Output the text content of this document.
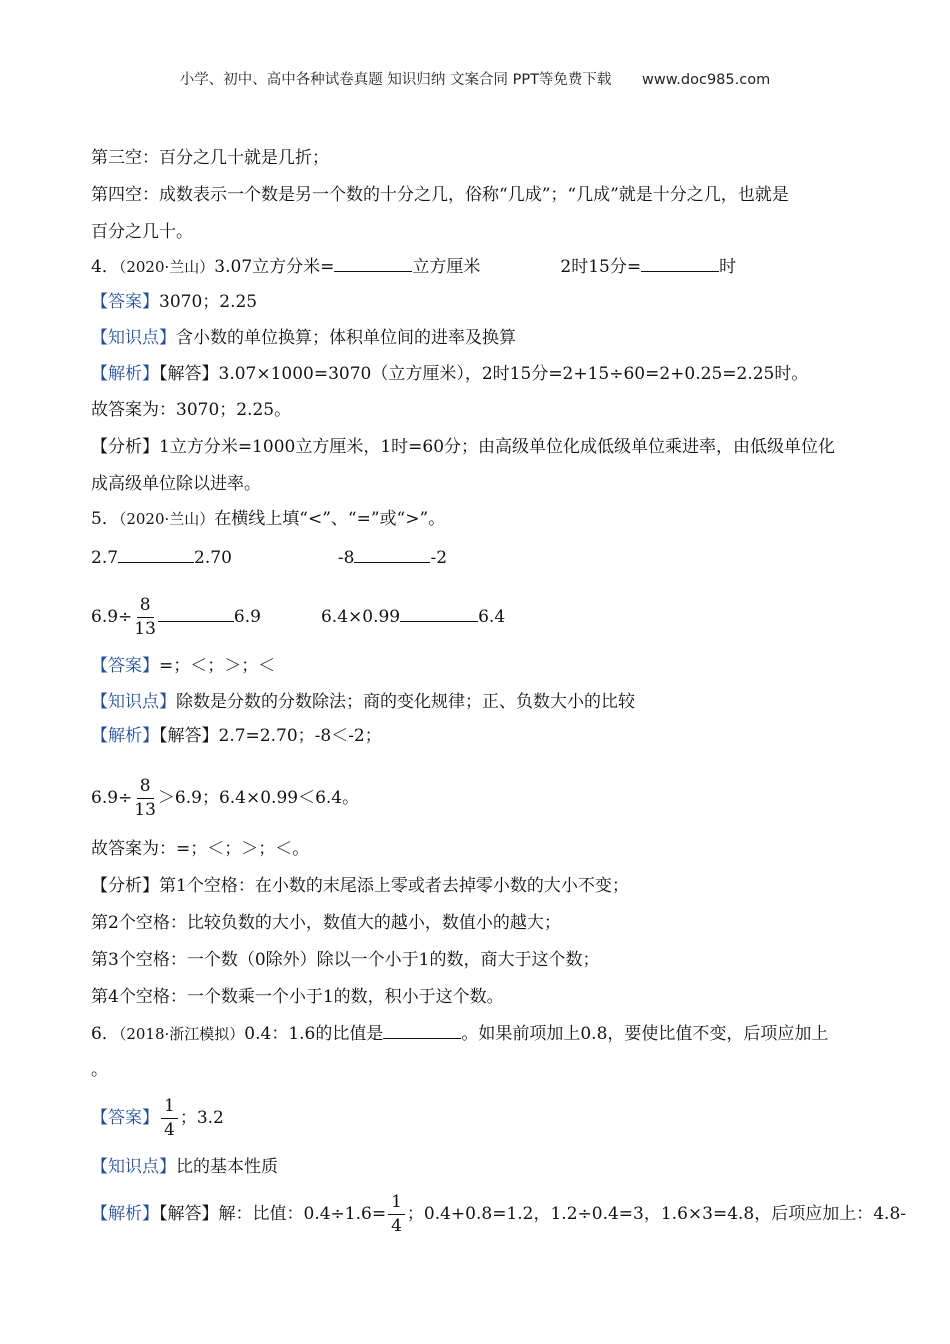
小学、初中、高中各种试卷真题 知识归纳 文案合同 PPT等免费下载 www.doc985.com
第三空：百分之几十就是几折；
第四空：成数表示一个数是另一个数的十分之几，俗称“几成”；“几成”就是十分之几，也就是
百分之几十。
4．（2020·兰山）3.07立方分米=	立方厘米	2时15分=	时
【答案】3070；2.25
【知识点】含小数的单位换算；体积单位间的进率及换算
【解析】【解答】3.07×1000=3070（立方厘米），2时15分=2+15÷60=2+0.25=2.25时。
故答案为：3070；2.25。
【分析】1立方分米=1000立方厘米，1时=60分；由高级单位化成低级单位乘进率，由低级单位化
成高级单位除以进率。
5．（2020·兰山）在横线上填“<”、“=”或“>”。
2.7	2.70	-8	-2
$6.9\div \frac{8}{13}$	6.9	6.4×0.99	6.4
【答案】=；＜；＞；＜
【知识点】除数是分数的分数除法；商的变化规律；正、负数大小的比较
【解析】【解答】2.7=2.70；-8＜-2；
$6.9\div \frac{8}{13} >6.9$；6.4×0.99＜6.4。
故答案为：=；＜；＞；＜。
【分析】第1个空格：在小数的末尾添上零或者去掉零小数的大小不变；
第2个空格：比较负数的大小，数值大的越小，数值小的越大；
第3个空格：一个数（0除外）除以一个小于1的数，商大于这个数；
第4个空格：一个数乘一个小于1的数，积小于这个数。
6．（2018·浙江模拟）0.4：1.6的比值是	。如果前项加上0.8，要使比值不变，后项应加上
。
【答案】 $\frac{1}{4}$ ；3.2
【知识点】比的基本性质
【解析】【解答】解：比值：$0.4\div 1.6= \frac{1}{4}$ ；0.4+0.8=1.2，1.2÷0.4=3，1.6×3=4.8，后项应加上：4.8-
